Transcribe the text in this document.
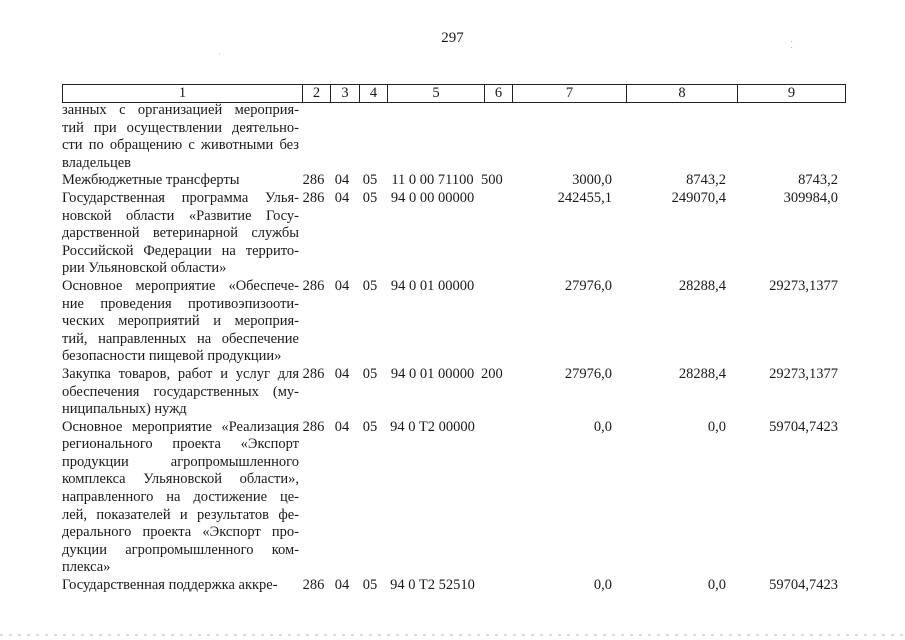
297
ᐧ
⁚
1	2	3	4	5	6	7	8	9
занных с организацией мероприя-
тий при осуществлении деятельно-
сти по обращению с животными без
владельцев
Межбюджетные трансферты	286 04 05 11 0 00 71100 500	3000,0	8743,2	8743,2
Государственная программа Улья-
новской области «Развитие Госу-
дарственной ветеринарной службы
Российской Федерации на террито-
рии Ульяновской области»
286 04 05 94 0 00 00000	242455,1	249070,4	309984,0
Основное мероприятие «Обеспече-
ние проведения противоэпизооти-
ческих мероприятий и мероприя-
тий, направленных на обеспечение
безопасности пищевой продукции»
286 04 05 94 0 01 00000	27976,0	28288,4	29273,1377
Закупка товаров, работ и услуг для
обеспечения государственных (му-
ниципальных) нужд
286 04 05 94 0 01 00000 200	27976,0	28288,4	29273,1377
Основное мероприятие «Реализация
регионального проекта «Экспорт
продукции агропромышленного
комплекса Ульяновской области»,
направленного на достижение це-
лей, показателей и результатов фе-
дерального проекта «Экспорт про-
дукции агропромышленного ком-
плекса»
286 04 05 94 0 T2 00000	0,0	0,0	59704,7423
Государственная поддержка аккре-	286 04 05 94 0 T2 52510	0,0	0,0	59704,7423
